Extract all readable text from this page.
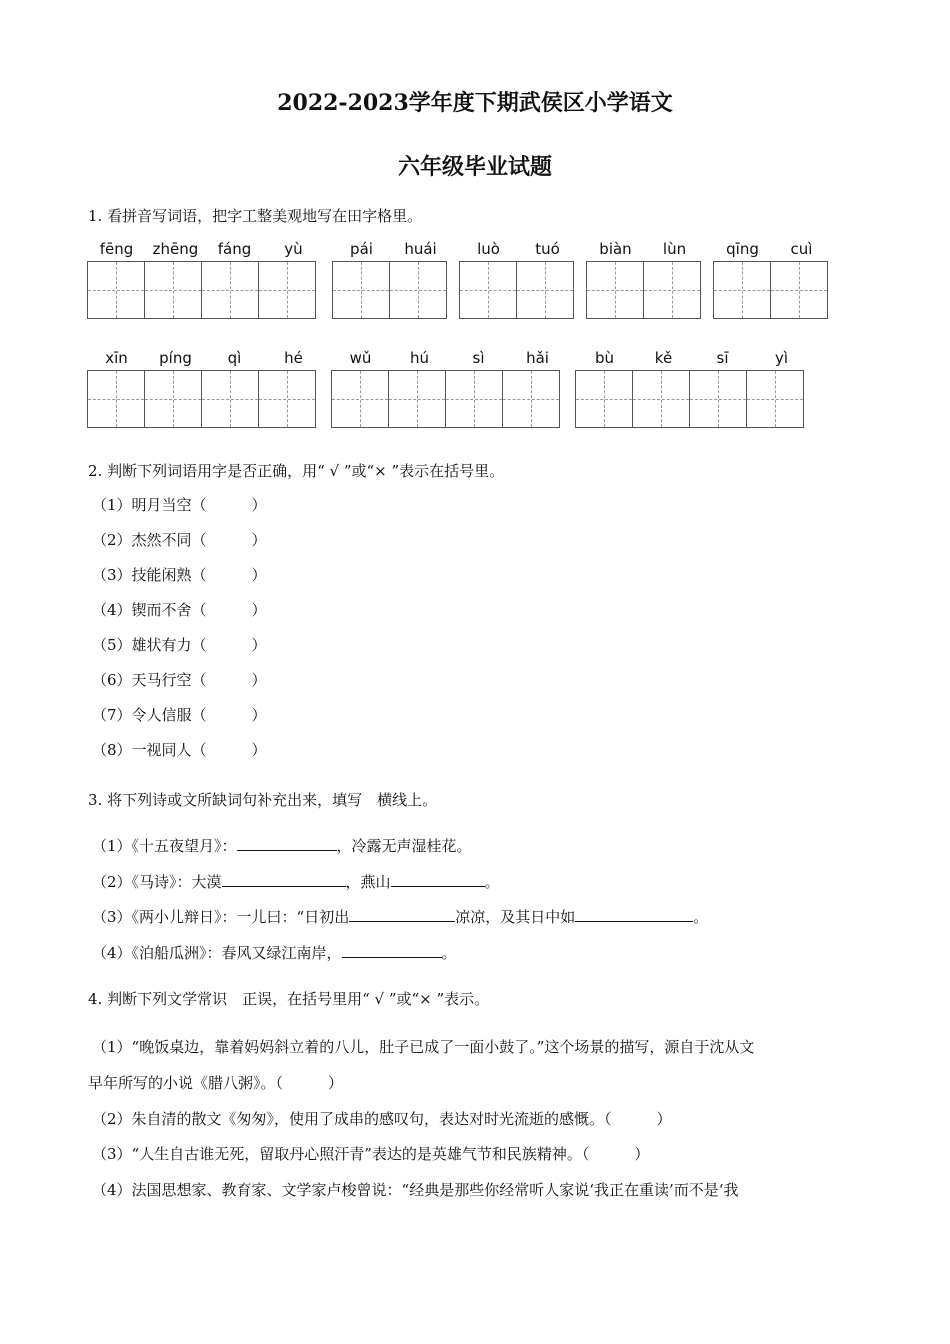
2022-2023学年度下期武侯区小学语文
六年级毕业试题
1. 看拼音写词语，把字工整美观地写在田字格里。
fēng	zhēng	fáng	yù	pái	huái	luò	tuó	biàn	lùn	qīng	cuì
xīn	píng	qì	hé	wǔ	hú	sì	hǎi	bù	kě	sī	yì
2. 判断下列词语用字是否正确，用“ √ ”或“× ”表示在括号里。
（1）明月当空（　　　）
（2）杰然不同（　　　）
（3）技能闲熟（　　　）
（4）锲而不舍（　　　）
（5）雄状有力（　　　）
（6）天马行空（　　　）
（7）令人信服（　　　）
（8）一视同人（　　　）
3. 将下列诗或文所缺词句补充出来，填写　横线上。
（1）《十五夜望月》：	，冷露无声湿桂花。
（2）《马诗》：大漠	，燕山	。
（3）《两小儿辩日》：一儿曰：“日初出	凉凉，及其日中如	。
（4）《泊船瓜洲》：春风又绿江南岸，	。
4. 判断下列文学常识　正误，在括号里用“ √ ”或“× ”表示。
（1）“晚饭桌边，靠着妈妈斜立着的八儿，肚子已成了一面小鼓了。”这个场景的描写，源自于沈从文
早年所写的小说《腊八粥》。（　　　）
（2）朱自清的散文《匆匆》，使用了成串的感叹句，表达对时光流逝的感慨。（　　　）
（3）“人生自古谁无死，留取丹心照汗青”表达的是英雄气节和民族精神。（　　　）
（4）法国思想家、教育家、文学家卢梭曾说：“经典是那些你经常听人家说‘我正在重读’而不是‘我
